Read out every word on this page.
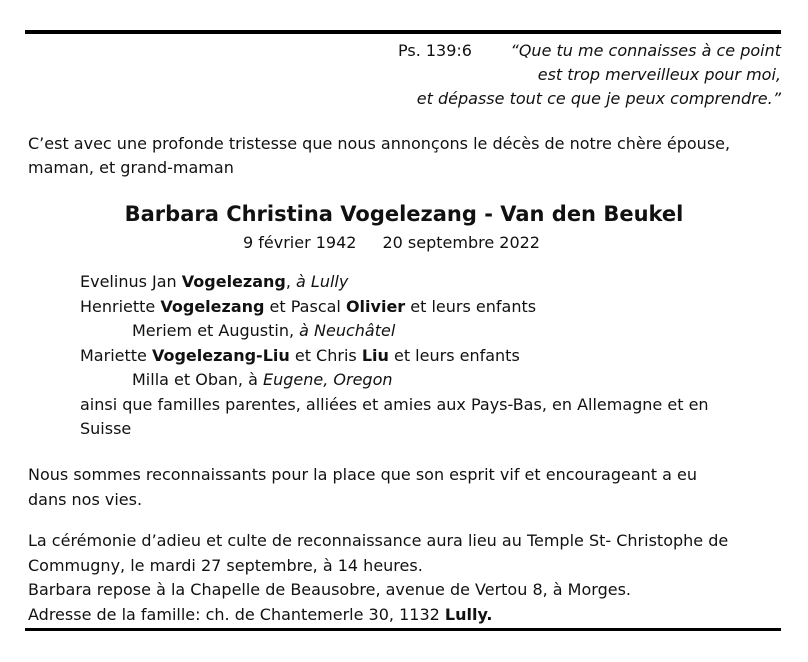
Ps. 139:6	“Que tu me connaisses à ce point
est trop merveilleux pour moi,
et dépasse tout ce que je peux comprendre.”
C’est avec une profonde tristesse que nous annonçons le décès de notre chère épouse,
maman, et grand-maman
Barbara Christina Vogelezang - Van den Beukel
9 février 1942 20 septembre 2022
Evelinus Jan Vogelezang, à Lully
Henriette Vogelezang et Pascal Olivier et leurs enfants
Meriem et Augustin, à Neuchâtel
Mariette Vogelezang-Liu et Chris Liu et leurs enfants
Milla et Oban, à Eugene, Oregon
ainsi que familles parentes, alliées et amies aux Pays-Bas, en Allemagne et en
Suisse
Nous sommes reconnaissants pour la place que son esprit vif et encourageant a eu
dans nos vies.
La cérémonie d’adieu et culte de reconnaissance aura lieu au Temple St- Christophe de
Commugny, le mardi 27 septembre, à 14 heures.
Barbara repose à la Chapelle de Beausobre, avenue de Vertou 8, à Morges.
Adresse de la famille: ch. de Chantemerle 30, 1132 Lully.
